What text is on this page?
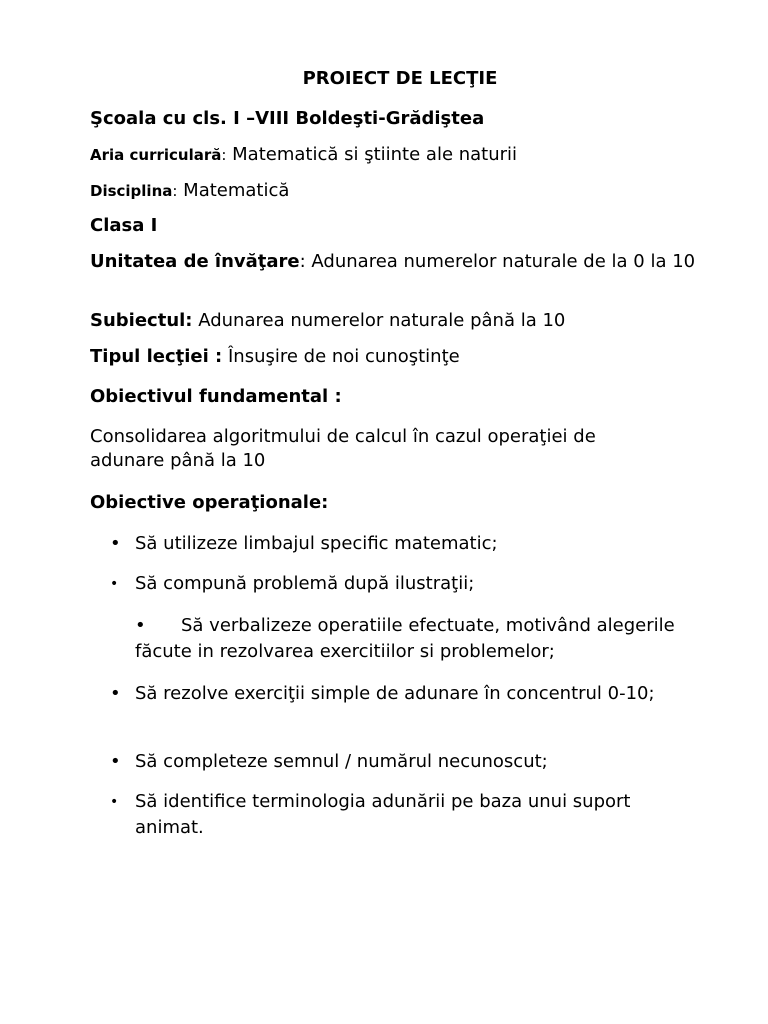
PROIECT DE LECŢIE
Şcoala cu cls. I –VIII Boldeşti-Grădiştea
Aria curriculară: Matematică si ştiinte ale naturii
Disciplina: Matematică
Clasa I
Unitatea de învăţare: Adunarea numerelor naturale de la 0 la 10
Subiectul: Adunarea numerelor naturale până la 10
Tipul lecţiei : Însuşire de noi cunoştinţe
Obiectivul fundamental :
Consolidarea algoritmului de calcul în cazul operaţiei de adunare până la 10
Obiective operaţionale:
• Să utilizeze limbajul specific matematic;
• Să compună problemă după ilustraţii;
• Să verbalizeze operatiile efectuate, motivând alegerile făcute in rezolvarea exercitiilor si problemelor;
• Să rezolve exerciţii simple de adunare în concentrul 0-10;
• Să completeze semnul / numărul necunoscut;
• Să identifice terminologia adunării pe baza unui suport animat.
